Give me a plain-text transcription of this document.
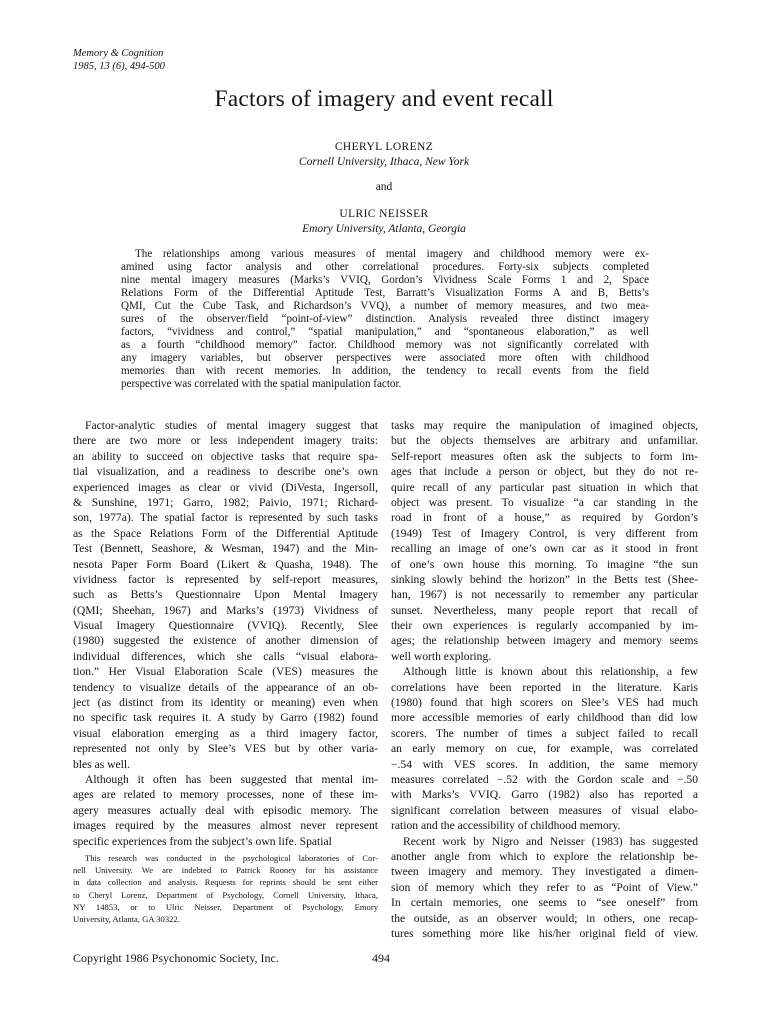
Memory & Cognition
1985, 13 (6), 494-500
Factors of imagery and event recall
CHERYL LORENZ
Cornell University, Ithaca, New York
and
ULRIC NEISSER
Emory University, Atlanta, Georgia
The relationships among various measures of mental imagery and childhood memory were ex-
amined using factor analysis and other correlational procedures. Forty-six subjects completed
nine mental imagery measures (Marks’s VVIQ, Gordon’s Vividness Scale Forms 1 and 2, Space
Relations Form of the Differential Aptitude Test, Barratt’s Visualization Forms A and B, Betts’s
QMI, Cut the Cube Task, and Richardson’s VVQ), a number of memory measures, and two mea-
sures of the observer/field “point-of-view” distinction. Analysis revealed three distinct imagery
factors, “vividness and control,” “spatial manipulation,” and “spontaneous elaboration,” as well
as a fourth “childhood memory” factor. Childhood memory was not significantly correlated with
any imagery variables, but observer perspectives were associated more often with childhood
memories than with recent memories. In addition, the tendency to recall events from the field
perspective was correlated with the spatial manipulation factor.
Factor-analytic studies of mental imagery suggest that
there are two more or less independent imagery traits:
an ability to succeed on objective tasks that require spa-
tial visualization, and a readiness to describe one’s own
experienced images as clear or vivid (DiVesta, Ingersoll,
& Sunshine, 1971; Garro, 1982; Paivio, 1971; Richard-
son, 1977a). The spatial factor is represented by such tasks
as the Space Relations Form of the Differential Aptitude
Test (Bennett, Seashore, & Wesman, 1947) and the Min-
nesota Paper Form Board (Likert & Quasha, 1948). The
vividness factor is represented by self-report measures,
such as Betts’s Questionnaire Upon Mental Imagery
(QMI; Sheehan, 1967) and Marks’s (1973) Vividness of
Visual Imagery Questionnaire (VVIQ). Recently, Slee
(1980) suggested the existence of another dimension of
individual differences, which she calls “visual elabora-
tion.” Her Visual Elaboration Scale (VES) measures the
tendency to visualize details of the appearance of an ob-
ject (as distinct from its identity or meaning) even when
no specific task requires it. A study by Garro (1982) found
visual elaboration emerging as a third imagery factor,
represented not only by Slee’s VES but by other varia-
bles as well.
Although it often has been suggested that mental im-
ages are related to memory processes, none of these im-
agery measures actually deal with episodic memory. The
images required by the measures almost never represent
specific experiences from the subject’s own life. Spatial
This research was conducted in the psychological laboratories of Cor-
nell University. We are indebted to Patrick Rooney for his assistance
in data collection and analysis. Requests for reprints should be sent either
to Cheryl Lorenz, Department of Psychology, Cornell University, Ithaca,
NY 14853, or to Ulric Neisser, Department of Psychology, Emory
University, Atlanta, GA 30322.
tasks may require the manipulation of imagined objects,
but the objects themselves are arbitrary and unfamiliar.
Self-report measures often ask the subjects to form im-
ages that include a person or object, but they do not re-
quire recall of any particular past situation in which that
object was present. To visualize “a car standing in the
road in front of a house,” as required by Gordon’s
(1949) Test of Imagery Control, is very different from
recalling an image of one’s own car as it stood in front
of one’s own house this morning. To imagine “the sun
sinking slowly behind the horizon” in the Betts test (Shee-
han, 1967) is not necessarily to remember any particular
sunset. Nevertheless, many people report that recall of
their own experiences is regularly accompanied by im-
ages; the relationship between imagery and memory seems
well worth exploring.
Although little is known about this relationship, a few
correlations have been reported in the literature. Karis
(1980) found that high scorers on Slee’s VES had much
more accessible memories of early childhood than did low
scorers. The number of times a subject failed to recall
an early memory on cue, for example, was correlated
−.54 with VES scores. In addition, the same memory
measures correlated −.52 with the Gordon scale and −.50
with Marks’s VVIQ. Garro (1982) also has reported a
significant correlation between measures of visual elabo-
ration and the accessibility of childhood memory.
Recent work by Nigro and Neisser (1983) has suggested
another angle from which to explore the relationship be-
tween imagery and memory. They investigated a dimen-
sion of memory which they refer to as “Point of View.”
In certain memories, one seems to “see oneself” from
the outside, as an observer would; in others, one recap-
tures something more like his/her original field of view.
Copyright 1986 Psychonomic Society, Inc.	494
